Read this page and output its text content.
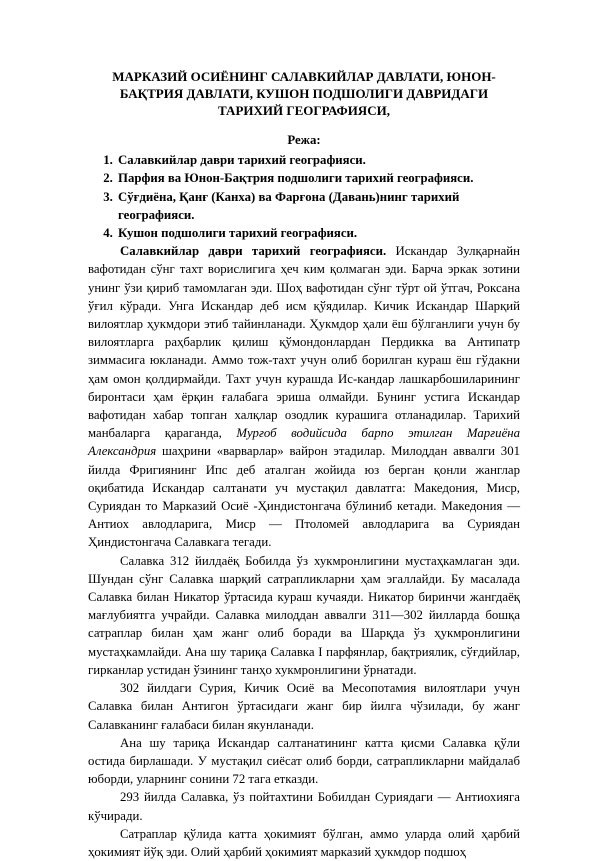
МАРКАЗИЙ ОСИЁНИНГ САЛАВКИЙЛАР ДАВЛАТИ, ЮНОН-БАҚТРИЯ ДАВЛАТИ, КУШОН ПОДШОЛИГИ ДАВРИДАГИ ТАРИХИЙ ГЕОГРАФИЯСИ,
Режа:
1. Салавкийлар даври тарихий географияси.
2. Парфия ва Юнон-Бақтрия подшолиги тарихий географияси.
3. Сўғдиёна, Қанғ (Канха) ва Фарғона (Давань)нинг тарихий географияси.
4. Кушон подшолиги тарихий географияси.

Салавкийлар даври тарихий географияси. Искандар Зулқарнайн вафотидан сўнг тахт ворислигига ҳеч ким қолмаган эди. Барча эркак зотини унинг ўзи қириб тамомлаган эди. Шоҳ вафотидан сўнг тўрт ой ўтгач, Роксана ўғил кўради. Унга Искандар деб исм қўядилар. Кичик Искандар Шарқий вилоятлар ҳукмдори этиб тайинланади. Ҳукмдор ҳали ёш бўлганлиги учун бу вилоятларга раҳбарлик қилиш қўмондонлардан Пердикка ва Антипатр зиммасига юкланади. Аммо тож-тахт учун олиб борилган кураш ёш гўдакни ҳам омон қолдирмайди. Тахт учун курашда Ис-кандар лашкарбошиларининг биронтаси ҳам ёрқин ғалабага эриша олмайди. Бунинг устига Искандар вафотидан хабар топган халқлар озодлик курашига отланадилар. Тарихий манбаларга қараганда, Мурғоб водийсида барпо этилган Марғиёна Александрия шаҳрини «варварлар» вайрон этадилар. Милоддан аввалги 301 йилда Фригиянинг Ипс деб аталган жойида юз берган қонли жанглар оқибатида Искандар салтанати уч мустақил давлатга: Македония, Миср, Суриядан то Марказий Осиё -Ҳиндистонгача бўлиниб кетади. Македония — Антиох авлодларига, Миср — Птоломей авлодларига ва Суриядан Ҳиндистонгача Салавкага тегади.

Салавка 312 йилдаёқ Бобилда ўз хукмронлигини мустаҳкамлаган эди. Шундан сўнг Салавка шарқий сатрапликларни ҳам эгаллайди. Бу масалада Салавка билан Никатор ўртасида кураш кучаяди. Никатор биринчи жангдаёқ мағлубиятга учрайди. Салавка милоддан аввалги 311—302 йилларда бошқа сатраплар билан ҳам жанг олиб боради ва Шарқда ўз ҳукмронлигини мустаҳкамлайди. Ана шу тариқа Салавка I парфянлар, бақтриялик, сўғдийлар, гирканлар устидан ўзининг танҳо хукмронлигини ўрнатади.

302 йилдаги Сурия, Кичик Осиё ва Месопотамия вилоятлари учун Салавка билан Антигон ўртасидаги жанг бир йилга чўзилади, бу жанг Салавканинг ғалабаси билан якунланади.

Ана шу тариқа Искандар салтанатининг катта қисми Салавка қўли остида бирлашади. У мустақил сиёсат олиб борди, сатрапликларни майдалаб юборди, уларнинг сонини 72 тага етказди.

293 йилда Салавка, ўз пойтахтини Бобилдан Суриядаги — Антиохияга кўчиради.

Сатраплар қўлида катта ҳокимият бўлган, аммо уларда олий ҳарбий ҳокимият йўқ эди. Олий ҳарбий ҳокимият марказий ҳукмдор подшоҳ
